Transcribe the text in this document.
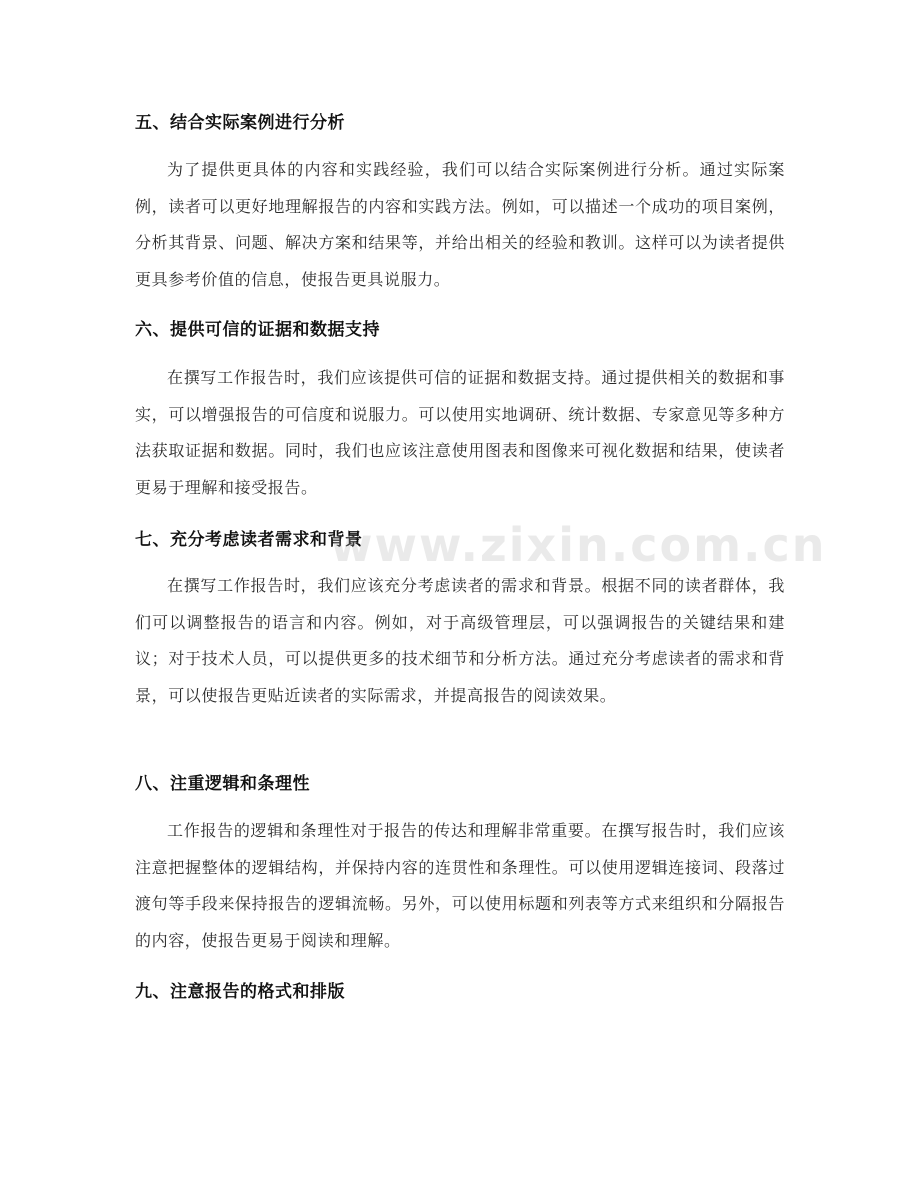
五、结合实际案例进行分析

为了提供更具体的内容和实践经验，我们可以结合实际案例进行分析。通过实际案例，读者可以更好地理解报告的内容和实践方法。例如，可以描述一个成功的项目案例，分析其背景、问题、解决方案和结果等，并给出相关的经验和教训。这样可以为读者提供更具参考价值的信息，使报告更具说服力。

六、提供可信的证据和数据支持

在撰写工作报告时，我们应该提供可信的证据和数据支持。通过提供相关的数据和事实，可以增强报告的可信度和说服力。可以使用实地调研、统计数据、专家意见等多种方法获取证据和数据。同时，我们也应该注意使用图表和图像来可视化数据和结果，使读者更易于理解和接受报告。

七、充分考虑读者需求和背景

在撰写工作报告时，我们应该充分考虑读者的需求和背景。根据不同的读者群体，我们可以调整报告的语言和内容。例如，对于高级管理层，可以强调报告的关键结果和建议；对于技术人员，可以提供更多的技术细节和分析方法。通过充分考虑读者的需求和背景，可以使报告更贴近读者的实际需求，并提高报告的阅读效果。

八、注重逻辑和条理性

工作报告的逻辑和条理性对于报告的传达和理解非常重要。在撰写报告时，我们应该注意把握整体的逻辑结构，并保持内容的连贯性和条理性。可以使用逻辑连接词、段落过渡句等手段来保持报告的逻辑流畅。另外，可以使用标题和列表等方式来组织和分隔报告的内容，使报告更易于阅读和理解。

九、注意报告的格式和排版
www.zixin.com.cn
